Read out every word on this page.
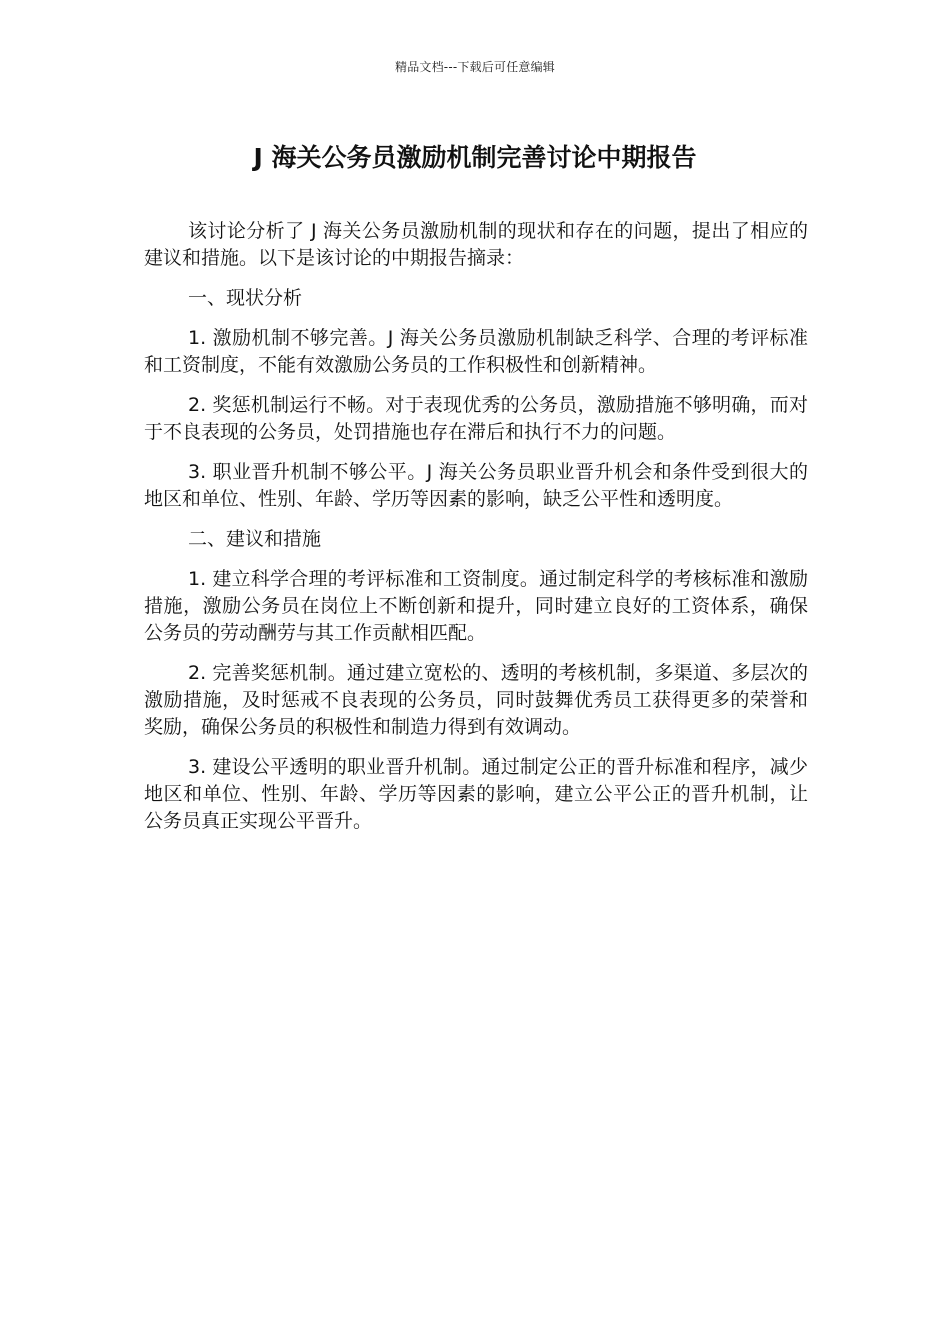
精品文档---下载后可任意编辑
J 海关公务员激励机制完善讨论中期报告

该讨论分析了 J 海关公务员激励机制的现状和存在的问题，提出了相应的建议和措施。以下是该讨论的中期报告摘录：

一、现状分析

1. 激励机制不够完善。J 海关公务员激励机制缺乏科学、合理的考评标准和工资制度，不能有效激励公务员的工作积极性和创新精神。

2. 奖惩机制运行不畅。对于表现优秀的公务员，激励措施不够明确，而对于不良表现的公务员，处罚措施也存在滞后和执行不力的问题。

3. 职业晋升机制不够公平。J 海关公务员职业晋升机会和条件受到很大的地区和单位、性别、年龄、学历等因素的影响，缺乏公平性和透明度。

二、建议和措施

1. 建立科学合理的考评标准和工资制度。通过制定科学的考核标准和激励措施，激励公务员在岗位上不断创新和提升，同时建立良好的工资体系，确保公务员的劳动酬劳与其工作贡献相匹配。

2. 完善奖惩机制。通过建立宽松的、透明的考核机制，多渠道、多层次的激励措施，及时惩戒不良表现的公务员，同时鼓舞优秀员工获得更多的荣誉和奖励，确保公务员的积极性和制造力得到有效调动。

3. 建设公平透明的职业晋升机制。通过制定公正的晋升标准和程序，减少地区和单位、性别、年龄、学历等因素的影响，建立公平公正的晋升机制，让公务员真正实现公平晋升。
